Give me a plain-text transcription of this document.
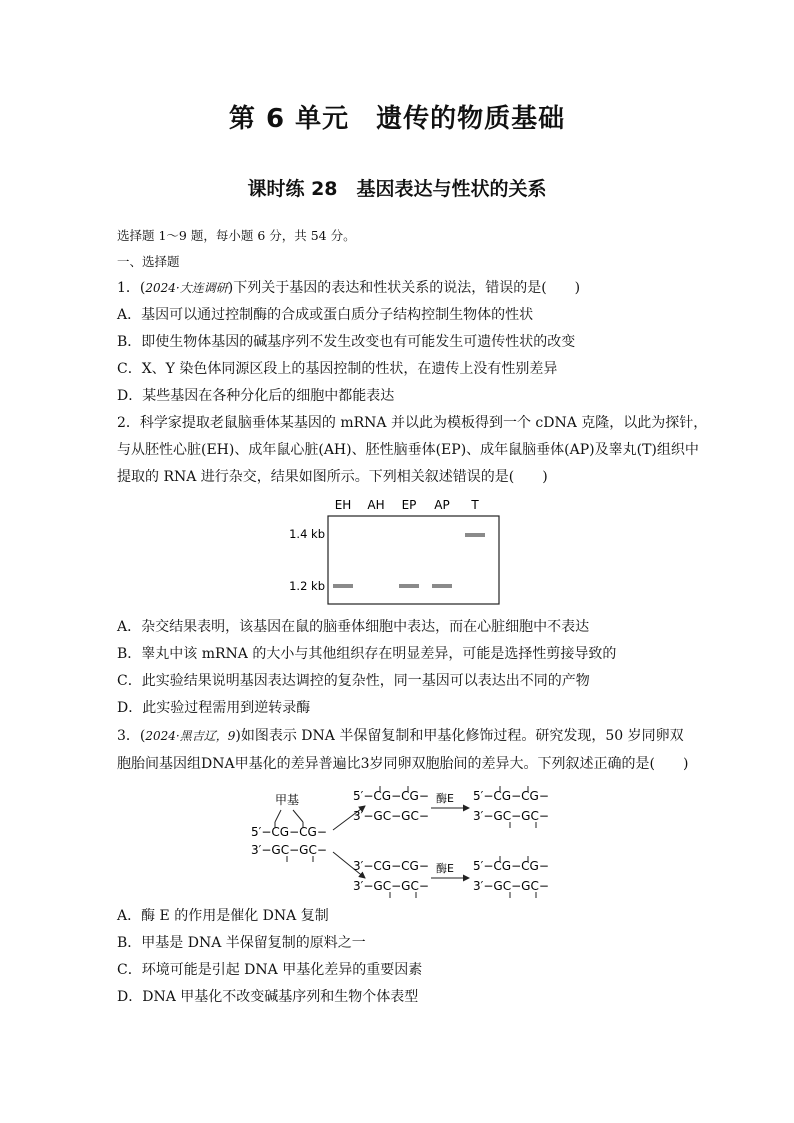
第 6 单元　遗传的物质基础
课时练 28　基因表达与性状的关系
选择题 1～9 题，每小题 6 分，共 54 分。
一、选择题
1．(2024·大连调研)下列关于基因的表达和性状关系的说法，错误的是(　　)
A．基因可以通过控制酶的合成或蛋白质分子结构控制生物体的性状
B．即使生物体基因的碱基序列不发生改变也有可能发生可遗传性状的改变
C．X、Y 染色体同源区段上的基因控制的性状，在遗传上没有性别差异
D．某些基因在各种分化后的细胞中都能表达
2．科学家提取老鼠脑垂体某基因的 mRNA 并以此为模板得到一个 cDNA 克隆，以此为探针，
与从胚性心脏(EH)、成年鼠心脏(AH)、胚性脑垂体(EP)、成年鼠脑垂体(AP)及睾丸(T)组织中
提取的 RNA 进行杂交，结果如图所示。下列相关叙述错误的是(　　)
EH AH EP AP T
1.4 kb
1.2 kb
A．杂交结果表明，该基因在鼠的脑垂体细胞中表达，而在心脏细胞中不表达
B．睾丸中该 mRNA 的大小与其他组织存在明显差异，可能是选择性剪接导致的
C．此实验结果说明基因表达调控的复杂性，同一基因可以表达出不同的产物
D．此实验过程需用到逆转录酶
3．(2024·黑吉辽，9)如图表示 DNA 半保留复制和甲基化修饰过程。研究发现，50 岁同卵双
胞胎间基因组DNA甲基化的差异普遍比3岁同卵双胞胎间的差异大。下列叙述正确的是(　　)
甲基
5′−CG−CG−
3′−GC−GC−
5′−CG−CG−
3′−GC−GC−
酶E 5′−CG−CG−
3′−GC−GC−
3′−CG−CG−
3′−GC−GC−
酶E 5′−CG−CG−
3′−GC−GC−
A．酶 E 的作用是催化 DNA 复制
B．甲基是 DNA 半保留复制的原料之一
C．环境可能是引起 DNA 甲基化差异的重要因素
D．DNA 甲基化不改变碱基序列和生物个体表型
